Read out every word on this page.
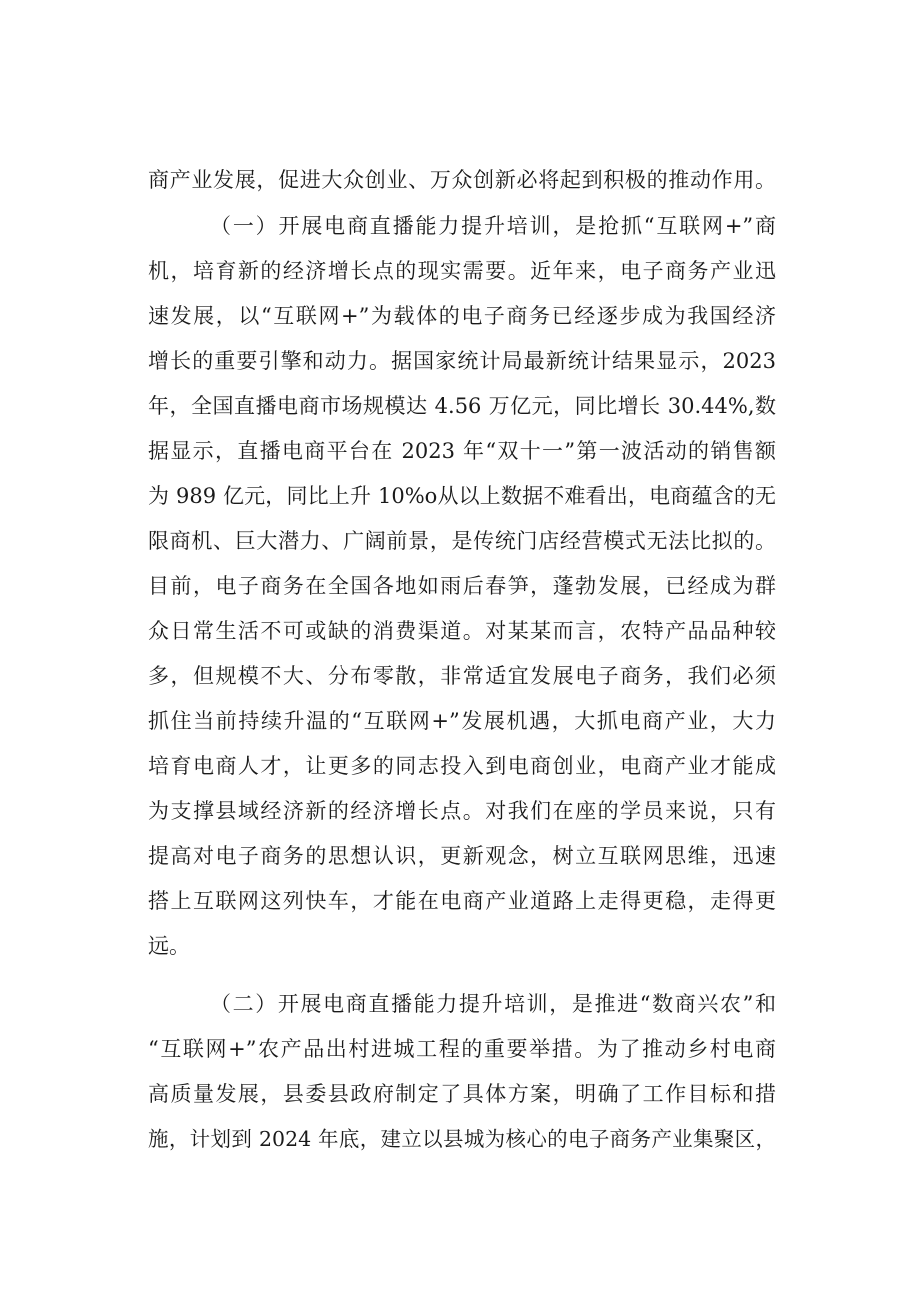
商产业发展，促进大众创业、万众创新必将起到积极的推动作用。
（一）开展电商直播能力提升培训，是抢抓“互联网+”商
机，培育新的经济增长点的现实需要。近年来，电子商务产业迅
速发展，以“互联网+”为载体的电子商务已经逐步成为我国经济
增长的重要引擎和动力。据国家统计局最新统计结果显示，2023
年，全国直播电商市场规模达 4.56 万亿元，同比增长 30.44%,数
据显示，直播电商平台在 2023 年“双十一”第一波活动的销售额
为 989 亿元，同比上升 10%o从以上数据不难看出，电商蕴含的无
限商机、巨大潜力、广阔前景，是传统门店经营模式无法比拟的。
目前，电子商务在全国各地如雨后春笋，蓬勃发展，已经成为群
众日常生活不可或缺的消费渠道。对某某而言，农特产品品种较
多，但规模不大、分布零散，非常适宜发展电子商务，我们必须
抓住当前持续升温的“互联网+”发展机遇，大抓电商产业，大力
培育电商人才，让更多的同志投入到电商创业，电商产业才能成
为支撑县域经济新的经济增长点。对我们在座的学员来说，只有
提高对电子商务的思想认识，更新观念，树立互联网思维，迅速
搭上互联网这列快车，才能在电商产业道路上走得更稳，走得更
远。
（二）开展电商直播能力提升培训，是推进“数商兴农”和
“互联网+”农产品出村进城工程的重要举措。为了推动乡村电商
高质量发展，县委县政府制定了具体方案，明确了工作目标和措
施，计划到 2024 年底，建立以县城为核心的电子商务产业集聚区，
